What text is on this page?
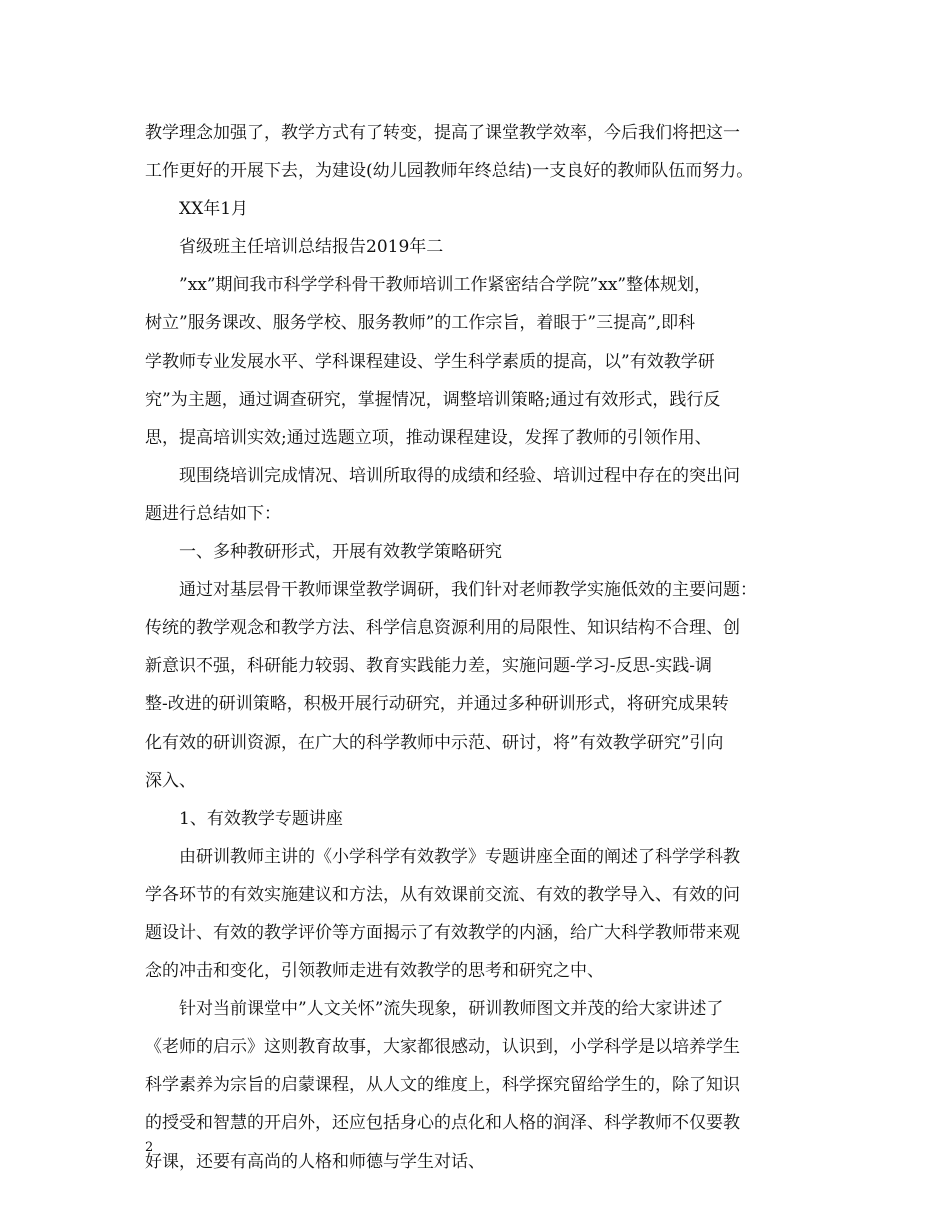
教学理念加强了，教学方式有了转变，提高了课堂教学效率，今后我们将把这一
工作更好的开展下去，为建设(幼儿园教师年终总结)一支良好的教师队伍而努力。
XX年1月
省级班主任培训总结报告2019年二
”xx”期间我市科学学科骨干教师培训工作紧密结合学院”xx”整体规划，
树立”服务课改、服务学校、服务教师”的工作宗旨，着眼于”三提高”,即科
学教师专业发展水平、学科课程建设、学生科学素质的提高，以”有效教学研
究”为主题，通过调查研究，掌握情况，调整培训策略;通过有效形式，践行反
思，提高培训实效;通过选题立项，推动课程建设，发挥了教师的引领作用、
现围绕培训完成情况、培训所取得的成绩和经验、培训过程中存在的突出问
题进行总结如下：
一、多种教研形式，开展有效教学策略研究
通过对基层骨干教师课堂教学调研，我们针对老师教学实施低效的主要问题：
传统的教学观念和教学方法、科学信息资源利用的局限性、知识结构不合理、创
新意识不强，科研能力较弱、教育实践能力差，实施问题-学习-反思-实践-调
整-改进的研训策略，积极开展行动研究，并通过多种研训形式，将研究成果转
化有效的研训资源，在广大的科学教师中示范、研讨，将”有效教学研究”引向
深入、
1、有效教学专题讲座
由研训教师主讲的《小学科学有效教学》专题讲座全面的阐述了科学学科教
学各环节的有效实施建议和方法，从有效课前交流、有效的教学导入、有效的问
题设计、有效的教学评价等方面揭示了有效教学的内涵，给广大科学教师带来观
念的冲击和变化，引领教师走进有效教学的思考和研究之中、
针对当前课堂中”人文关怀”流失现象，研训教师图文并茂的给大家讲述了
《老师的启示》这则教育故事，大家都很感动，认识到，小学科学是以培养学生
科学素养为宗旨的启蒙课程，从人文的维度上，科学探究留给学生的，除了知识
的授受和智慧的开启外，还应包括身心的点化和人格的润泽、科学教师不仅要教
好课，还要有高尚的人格和师德与学生对话、
2
